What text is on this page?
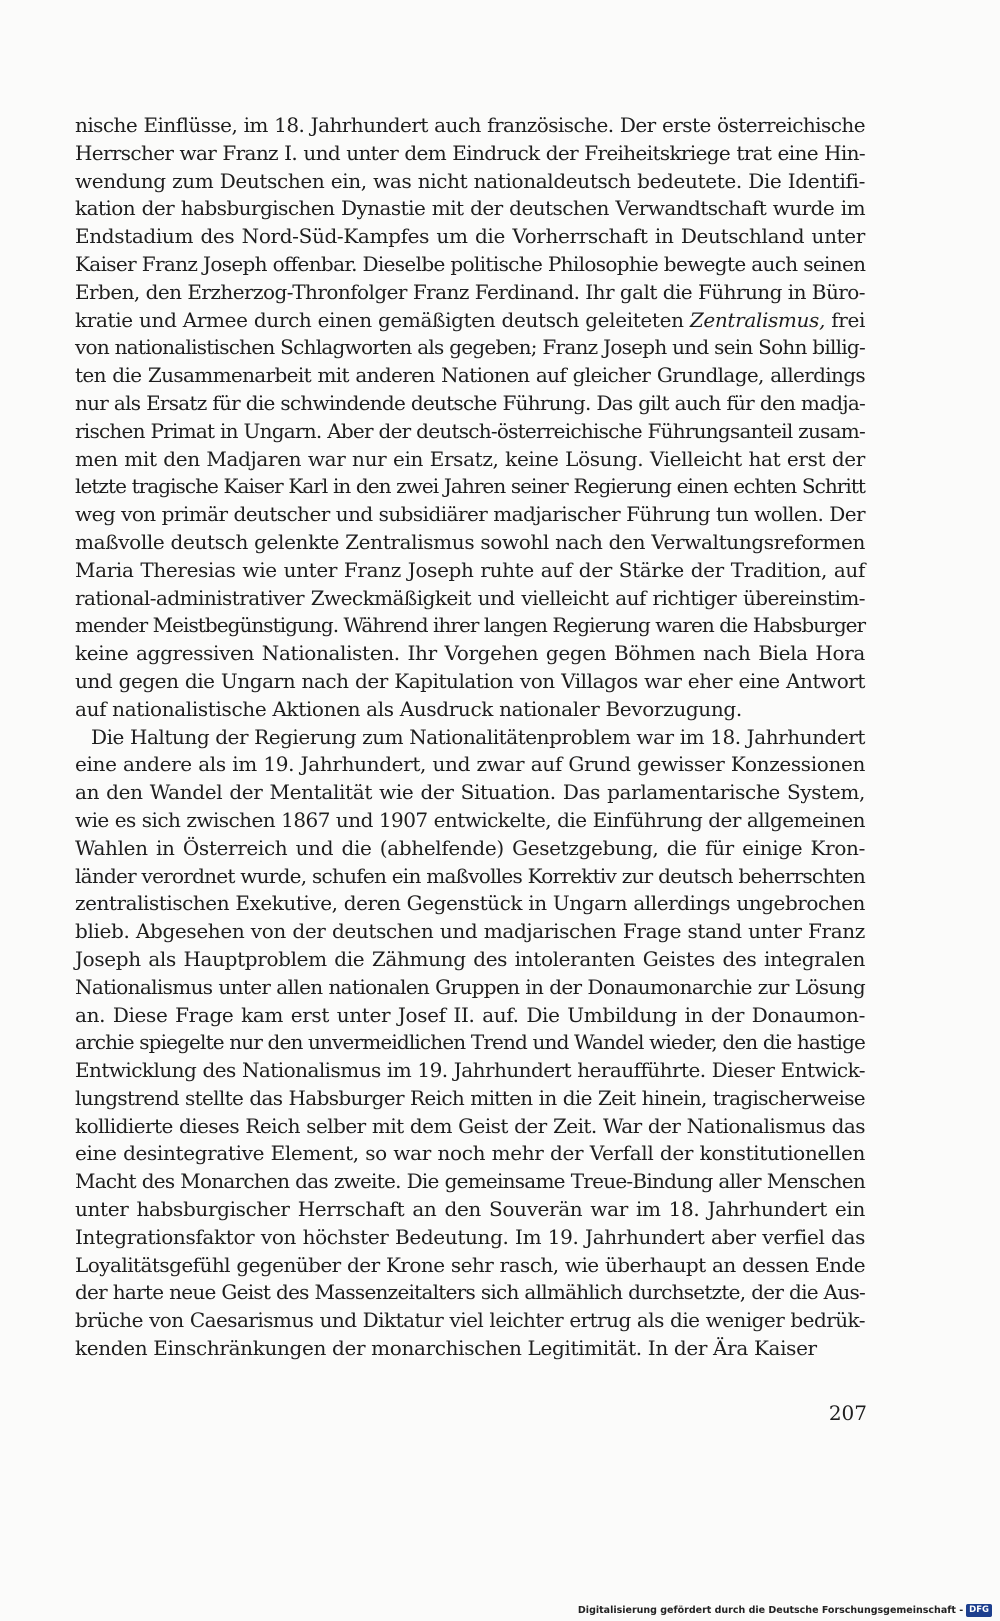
nische Einflüsse, im 18. Jahrhundert auch französische. Der erste österreichische
Herrscher war Franz I. und unter dem Eindruck der Freiheitskriege trat eine Hin-
wendung zum Deutschen ein, was nicht nationaldeutsch bedeutete. Die Identifi-
kation der habsburgischen Dynastie mit der deutschen Verwandtschaft wurde im
Endstadium des Nord-Süd-Kampfes um die Vorherrschaft in Deutschland unter
Kaiser Franz Joseph offenbar. Dieselbe politische Philosophie bewegte auch seinen
Erben, den Erzherzog-Thronfolger Franz Ferdinand. Ihr galt die Führung in Büro-
kratie und Armee durch einen gemäßigten deutsch geleiteten Zentralismus, frei
von nationalistischen Schlagworten als gegeben; Franz Joseph und sein Sohn billig-
ten die Zusammenarbeit mit anderen Nationen auf gleicher Grundlage, allerdings
nur als Ersatz für die schwindende deutsche Führung. Das gilt auch für den madja-
rischen Primat in Ungarn. Aber der deutsch-österreichische Führungsanteil zusam-
men mit den Madjaren war nur ein Ersatz, keine Lösung. Vielleicht hat erst der
letzte tragische Kaiser Karl in den zwei Jahren seiner Regierung einen echten Schritt
weg von primär deutscher und subsidiärer madjarischer Führung tun wollen. Der
maßvolle deutsch gelenkte Zentralismus sowohl nach den Verwaltungsreformen
Maria Theresias wie unter Franz Joseph ruhte auf der Stärke der Tradition, auf
rational-administrativer Zweckmäßigkeit und vielleicht auf richtiger übereinstim-
mender Meistbegünstigung. Während ihrer langen Regierung waren die Habsburger
keine aggressiven Nationalisten. Ihr Vorgehen gegen Böhmen nach Biela Hora
und gegen die Ungarn nach der Kapitulation von Villagos war eher eine Antwort
auf nationalistische Aktionen als Ausdruck nationaler Bevorzugung.
Die Haltung der Regierung zum Nationalitätenproblem war im 18. Jahrhundert
eine andere als im 19. Jahrhundert, und zwar auf Grund gewisser Konzessionen
an den Wandel der Mentalität wie der Situation. Das parlamentarische System,
wie es sich zwischen 1867 und 1907 entwickelte, die Einführung der allgemeinen
Wahlen in Österreich und die (abhelfende) Gesetzgebung, die für einige Kron-
länder verordnet wurde, schufen ein maßvolles Korrektiv zur deutsch beherrschten
zentralistischen Exekutive, deren Gegenstück in Ungarn allerdings ungebrochen
blieb. Abgesehen von der deutschen und madjarischen Frage stand unter Franz
Joseph als Hauptproblem die Zähmung des intoleranten Geistes des integralen
Nationalismus unter allen nationalen Gruppen in der Donaumonarchie zur Lösung
an. Diese Frage kam erst unter Josef II. auf. Die Umbildung in der Donaumon-
archie spiegelte nur den unvermeidlichen Trend und Wandel wieder, den die hastige
Entwicklung des Nationalismus im 19. Jahrhundert heraufführte. Dieser Entwick-
lungstrend stellte das Habsburger Reich mitten in die Zeit hinein, tragischerweise
kollidierte dieses Reich selber mit dem Geist der Zeit. War der Nationalismus das
eine desintegrative Element, so war noch mehr der Verfall der konstitutionellen
Macht des Monarchen das zweite. Die gemeinsame Treue-Bindung aller Menschen
unter habsburgischer Herrschaft an den Souverän war im 18. Jahrhundert ein
Integrationsfaktor von höchster Bedeutung. Im 19. Jahrhundert aber verfiel das
Loyalitätsgefühl gegenüber der Krone sehr rasch, wie überhaupt an dessen Ende
der harte neue Geist des Massenzeitalters sich allmählich durchsetzte, der die Aus-
brüche von Caesarismus und Diktatur viel leichter ertrug als die weniger bedrük-
kenden Einschränkungen der monarchischen Legitimität. In der Ära Kaiser
207
Digitalisierung gefördert durch die Deutsche Forschungsgemeinschaft - DFG
